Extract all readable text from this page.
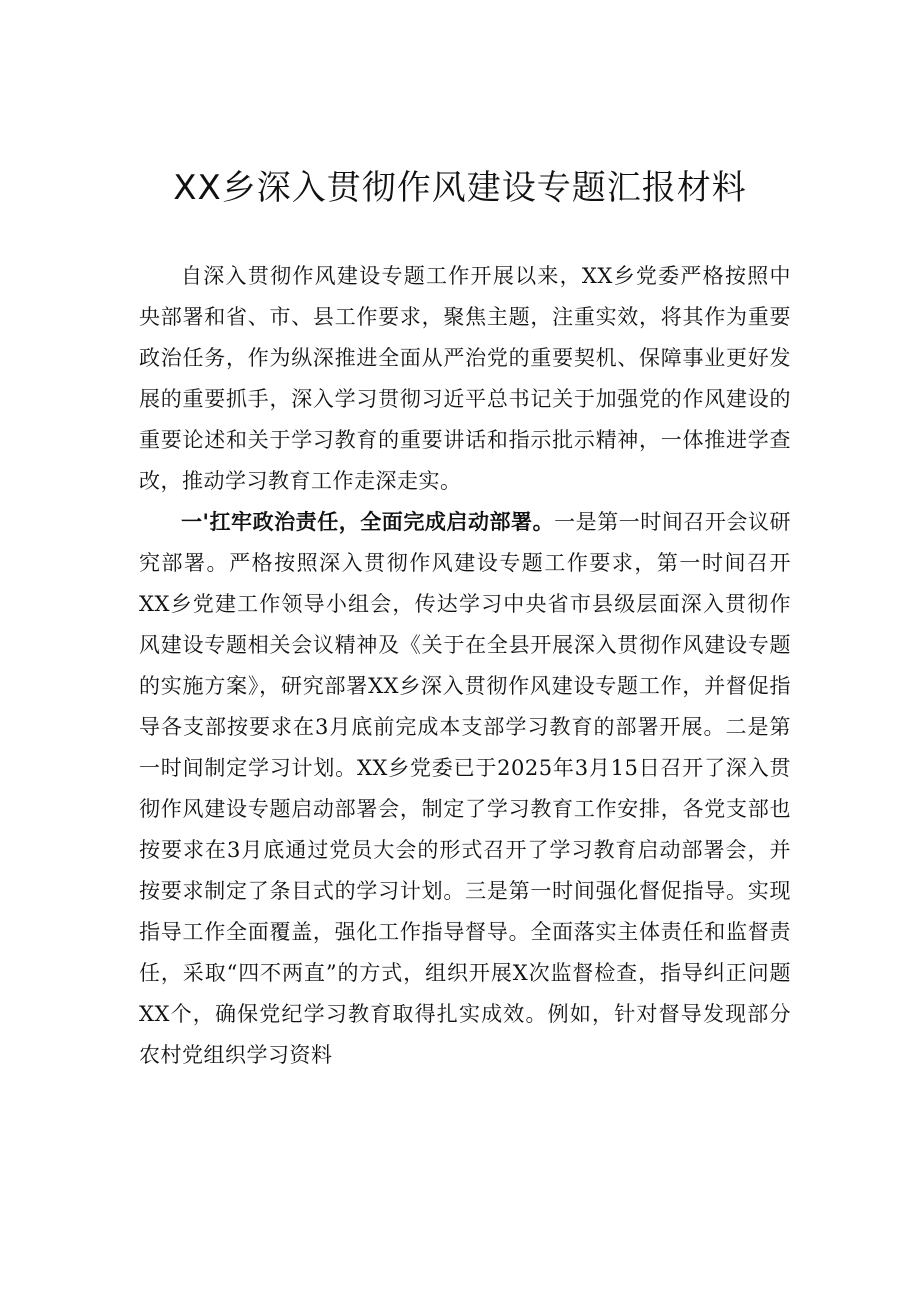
XX乡深入贯彻作风建设专题汇报材料

自深入贯彻作风建设专题工作开展以来，XX乡党委严格按照中央部署和省、市、县工作要求，聚焦主题，注重实效，将其作为重要政治任务，作为纵深推进全面从严治党的重要契机、保障事业更好发展的重要抓手，深入学习贯彻习近平总书记关于加强党的作风建设的重要论述和关于学习教育的重要讲话和指示批示精神，一体推进学查改，推动学习教育工作走深走实。

一'扛牢政治责任，全面完成启动部署。一是第一时间召开会议研究部署。严格按照深入贯彻作风建设专题工作要求，第一时间召开XX乡党建工作领导小组会，传达学习中央省市县级层面深入贯彻作风建设专题相关会议精神及《关于在全县开展深入贯彻作风建设专题的实施方案》，研究部署XX乡深入贯彻作风建设专题工作，并督促指导各支部按要求在3月底前完成本支部学习教育的部署开展。二是第一时间制定学习计划。XX乡党委已于2025年3月15日召开了深入贯彻作风建设专题启动部署会，制定了学习教育工作安排，各党支部也按要求在3月底通过党员大会的形式召开了学习教育启动部署会，并按要求制定了条目式的学习计划。三是第一时间强化督促指导。实现指导工作全面覆盖，强化工作指导督导。全面落实主体责任和监督责任，采取“四不两直”的方式，组织开展X次监督检查，指导纠正问题XX个，确保党纪学习教育取得扎实成效。例如，针对督导发现部分农村党组织学习资料
